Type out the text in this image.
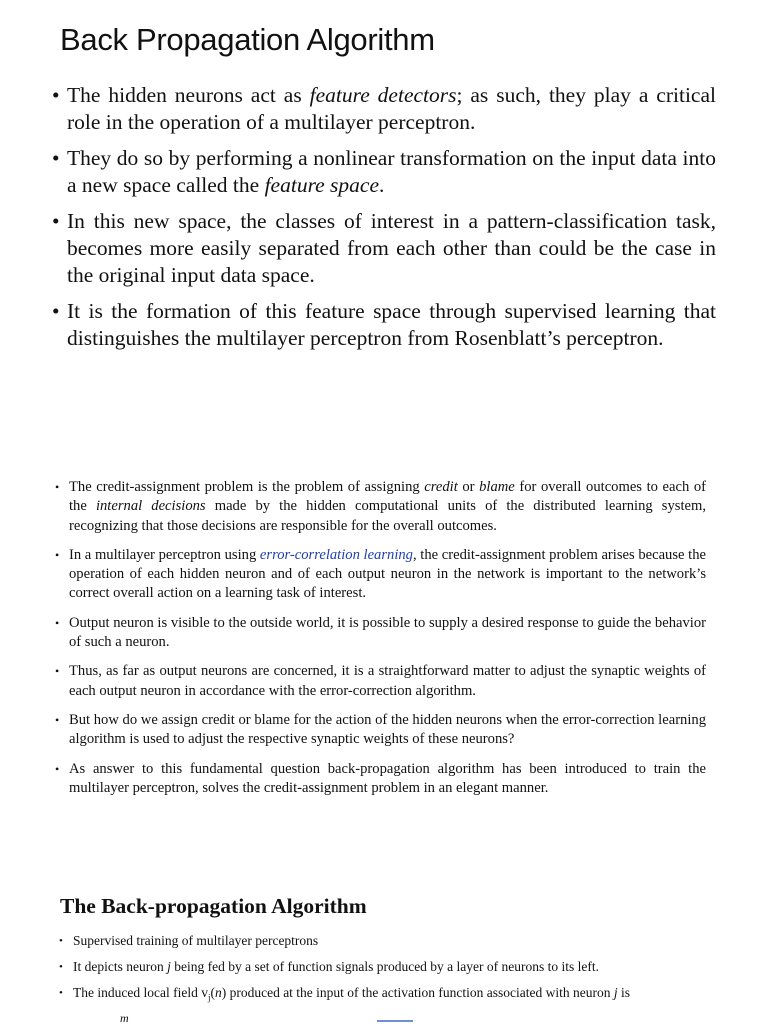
Back Propagation Algorithm
• The hidden neurons act as feature detectors; as such, they play a critical role in the operation of a multilayer perceptron.
• They do so by performing a nonlinear transformation on the input data into a new space called the feature space.
• In this new space, the classes of interest in a pattern-classification task, becomes more easily separated from each other than could be the case in the original input data space.
• It is the formation of this feature space through supervised learning that distinguishes the multilayer perceptron from Rosenblatt’s perceptron.
• The credit-assignment problem is the problem of assigning credit or blame for overall outcomes to each of the internal decisions made by the hidden computational units of the distributed learning system, recognizing that those decisions are responsible for the overall outcomes.
• In a multilayer perceptron using error-correlation learning, the credit-assignment problem arises because the operation of each hidden neuron and of each output neuron in the network is important to the network’s correct overall action on a learning task of interest.
• Output neuron is visible to the outside world, it is possible to supply a desired response to guide the behavior of such a neuron.
• Thus, as far as output neurons are concerned, it is a straightforward matter to adjust the synaptic weights of each output neuron in accordance with the error-correction algorithm.
• But how do we assign credit or blame for the action of the hidden neurons when the error-correction learning algorithm is used to adjust the respective synaptic weights of these neurons?
• As answer to this fundamental question back-propagation algorithm has been introduced to train the multilayer perceptron, solves the credit-assignment problem in an elegant manner.
The Back-propagation Algorithm
• Supervised training of multilayer perceptrons
• It depicts neuron j being fed by a set of function signals produced by a layer of neurons to its left.
• The induced local field $v_j(n)$ produced at the input of the activation function associated with neuron j is
m
